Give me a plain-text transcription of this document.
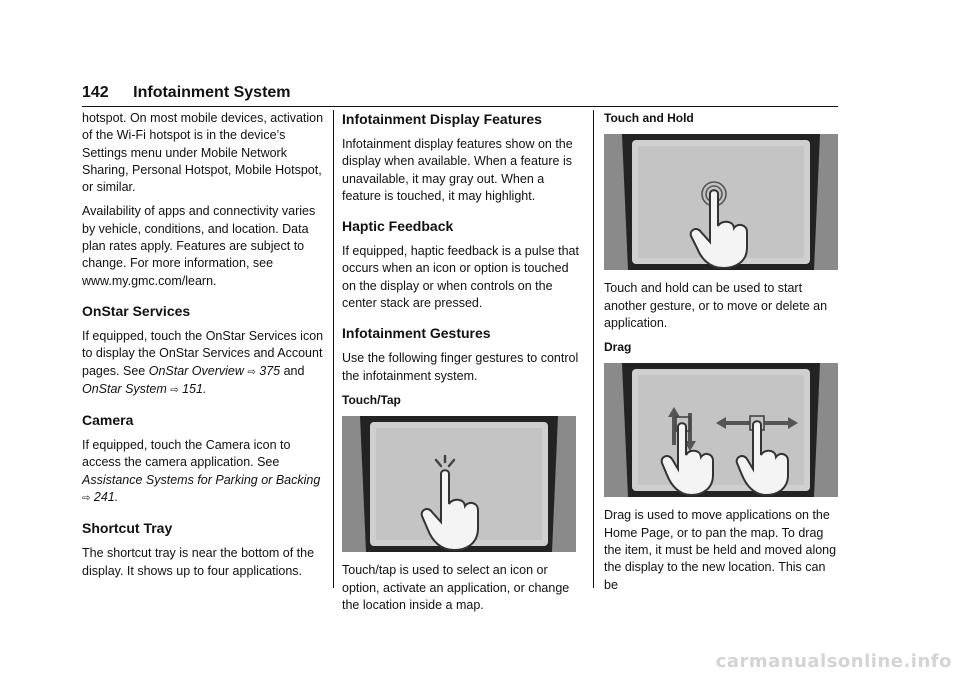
142 Infotainment System

hotspot. On most mobile devices, activation of the Wi-Fi hotspot is in the device’s Settings menu under Mobile Network Sharing, Personal Hotspot, Mobile Hotspot, or similar.

Availability of apps and connectivity varies by vehicle, conditions, and location. Data plan rates apply. Features are subject to change. For more information, see www.my.gmc.com/learn.

OnStar Services

If equipped, touch the OnStar Services icon to display the OnStar Services and Account pages. See OnStar Overview ⇨ 375 and OnStar System ⇨ 151.

Camera

If equipped, touch the Camera icon to access the camera application. See Assistance Systems for Parking or Backing ⇨ 241.

Shortcut Tray

The shortcut tray is near the bottom of the display. It shows up to four applications.

Infotainment Display Features

Infotainment display features show on the display when available. When a feature is unavailable, it may gray out. When a feature is touched, it may highlight.

Haptic Feedback

If equipped, haptic feedback is a pulse that occurs when an icon or option is touched on the display or when controls on the center stack are pressed.

Infotainment Gestures

Use the following finger gestures to control the infotainment system.

Touch/Tap

Touch/tap is used to select an icon or option, activate an application, or change the location inside a map.

Touch and Hold

Touch and hold can be used to start another gesture, or to move or delete an application.

Drag

Drag is used to move applications on the Home Page, or to pan the map. To drag the item, it must be held and moved along the display to the new location. This can be

carmanualsonline.info
